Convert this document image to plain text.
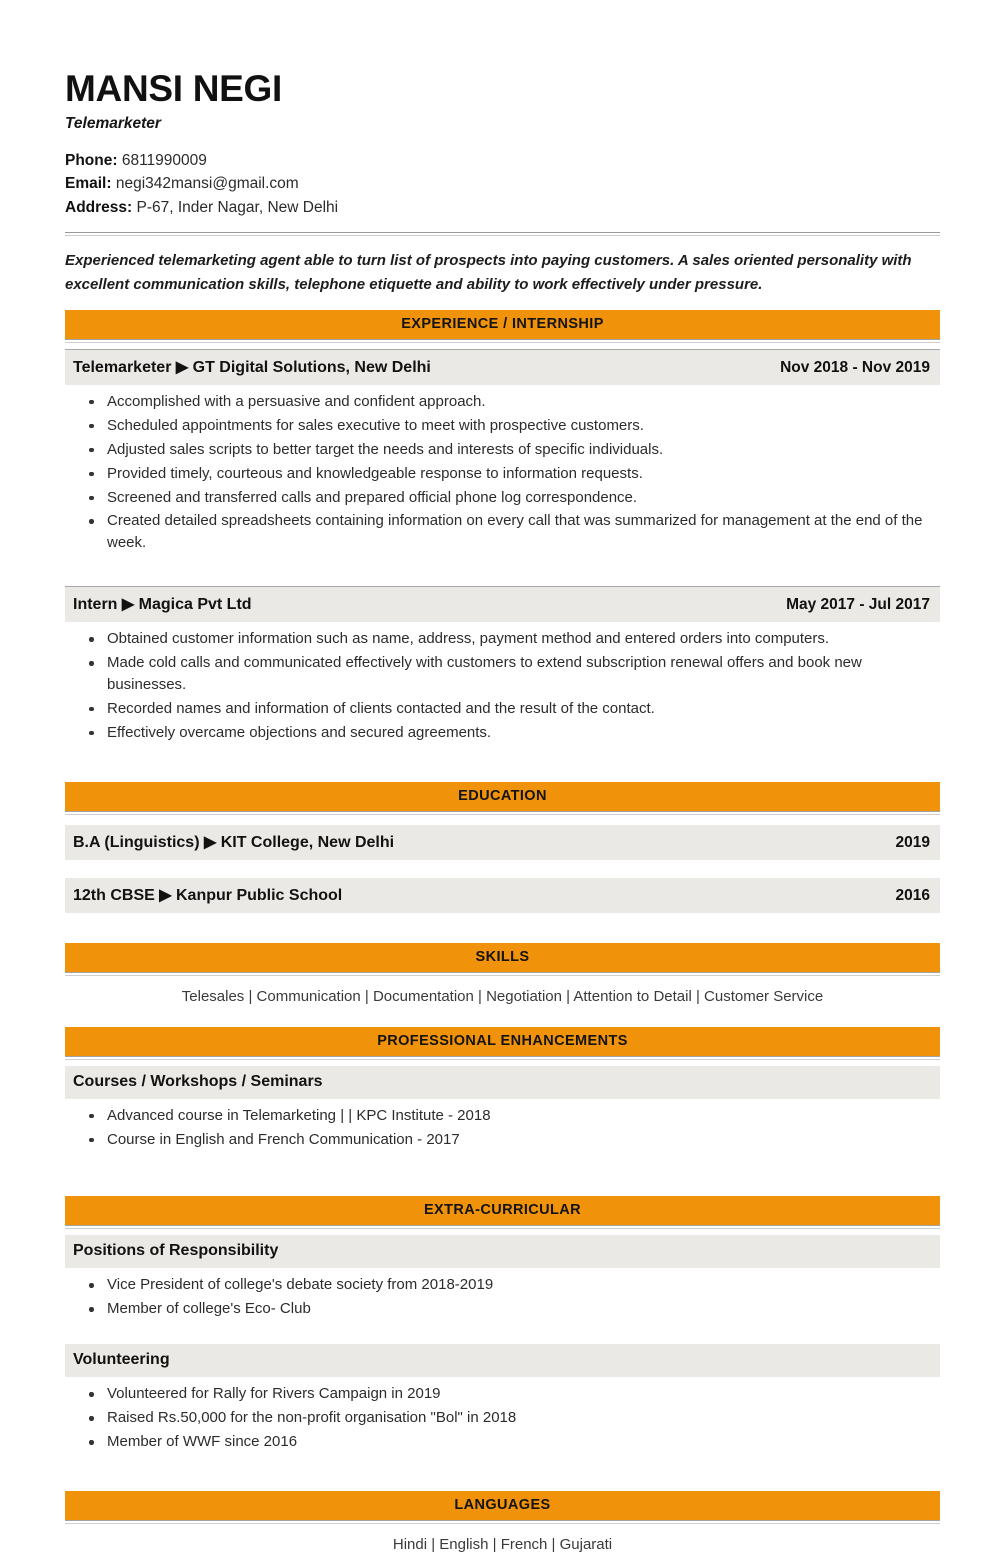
MANSI NEGI
Telemarketer
Phone: 6811990009
Email: negi342mansi@gmail.com
Address: P-67, Inder Nagar, New Delhi
Experienced telemarketing agent able to turn list of prospects into paying customers. A sales oriented personality with excellent communication skills, telephone etiquette and ability to work effectively under pressure.
EXPERIENCE / INTERNSHIP
Telemarketer ▶ GT Digital Solutions, New Delhi	Nov 2018 - Nov 2019
Accomplished with a persuasive and confident approach.
Scheduled appointments for sales executive to meet with prospective customers.
Adjusted sales scripts to better target the needs and interests of specific individuals.
Provided timely, courteous and knowledgeable response to information requests.
Screened and transferred calls and prepared official phone log correspondence.
Created detailed spreadsheets containing information on every call that was summarized for management at the end of the week.
Intern ▶ Magica Pvt Ltd	May 2017 - Jul 2017
Obtained customer information such as name, address, payment method and entered orders into computers.
Made cold calls and communicated effectively with customers to extend subscription renewal offers and book new businesses.
Recorded names and information of clients contacted and the result of the contact.
Effectively overcame objections and secured agreements.
EDUCATION
B.A (Linguistics) ▶ KIT College, New Delhi	2019
12th CBSE ▶ Kanpur Public School	2016
SKILLS
Telesales | Communication | Documentation | Negotiation | Attention to Detail | Customer Service
PROFESSIONAL ENHANCEMENTS
Courses / Workshops / Seminars
Advanced course in Telemarketing | | KPC Institute - 2018
Course in English and French Communication - 2017
EXTRA-CURRICULAR
Positions of Responsibility
Vice President of college's debate society from 2018-2019
Member of college's Eco- Club
Volunteering
Volunteered for Rally for Rivers Campaign in 2019
Raised Rs.50,000 for the non-profit organisation "Bol" in 2018
Member of WWF since 2016
LANGUAGES
Hindi | English | French | Gujarati
